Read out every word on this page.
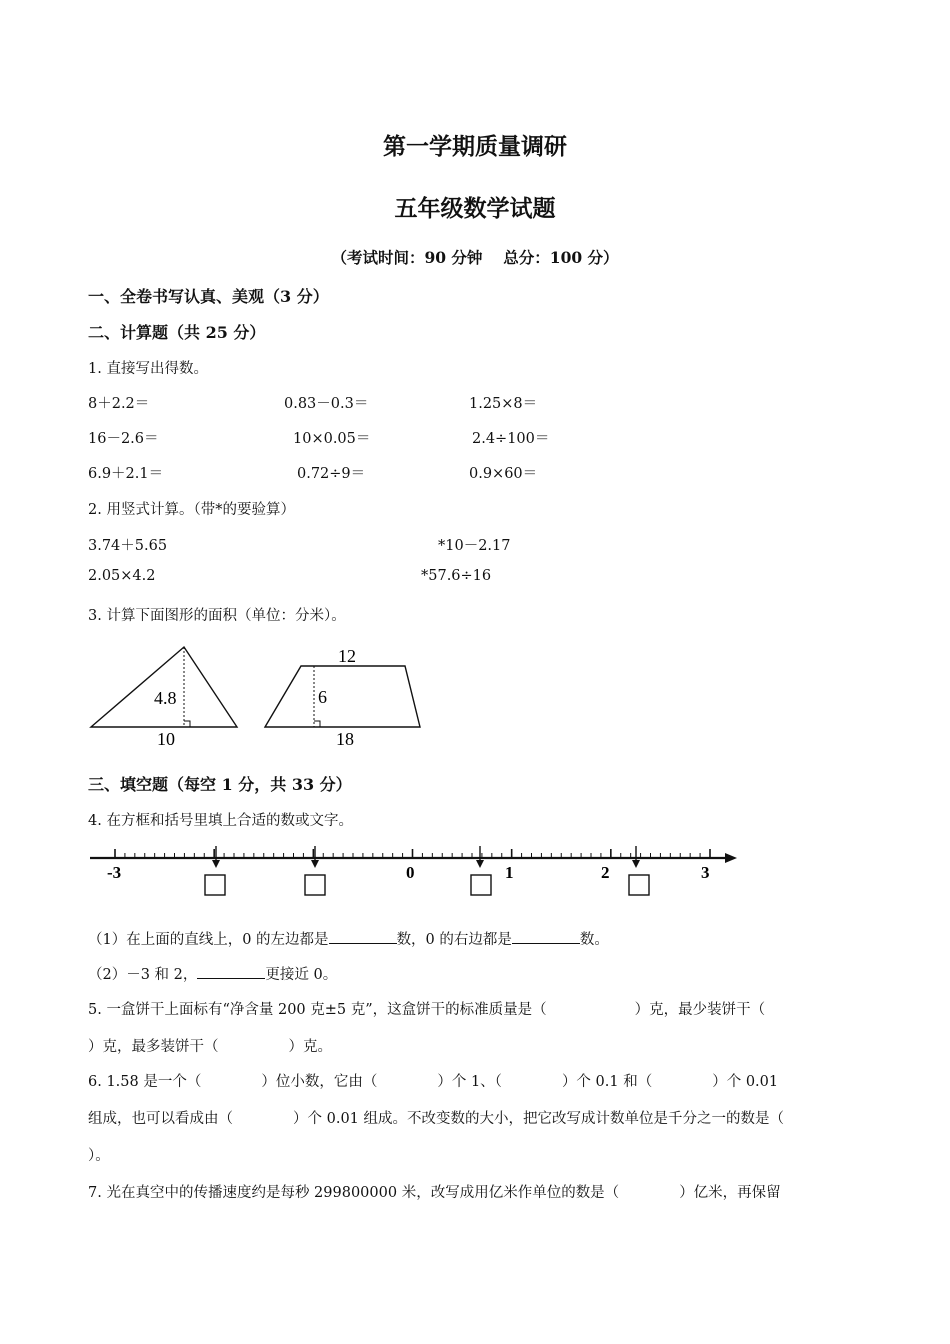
第一学期质量调研
五年级数学试题
（考试时间：90 分钟　 总分：100 分）
一、全卷书写认真、美观（3 分）
二、计算题（共 25 分）
1. 直接写出得数。
8＋2.2＝	0.83－0.3＝	1.25×8＝
16－2.6＝	10×0.05＝	2.4÷100＝
6.9＋2.1＝	0.72÷9＝	0.9×60＝
2. 用竖式计算。（带*的要验算）
3.74＋5.65	*10－2.17
2.05×4.2	*57.6÷16
3. 计算下面图形的面积（单位：分米）。
4.8
10
12
6
18
三、填空题（每空 1 分，共 33 分）
4. 在方框和括号里填上合适的数或文字。
-3	0	1	2	3
（1）在上面的直线上，0 的左边都是	数，0 的右边都是	数。
（2）－3 和 2，	更接近 0。
5. 一盒饼干上面标有“净含量 200 克±5 克”，这盒饼干的标准质量是（	）克，最少装饼干（
）克，最多装饼干（	）克。
6. 1.58 是一个（	）位小数，它由（	）个 1、（	）个 0.1 和（	）个 0.01
组成，也可以看成由（	）个 0.01 组成。不改变数的大小，把它改写成计数单位是千分之一的数是（
）。
7. 光在真空中的传播速度约是每秒 299800000 米，改写成用亿米作单位的数是（	）亿米，再保留
